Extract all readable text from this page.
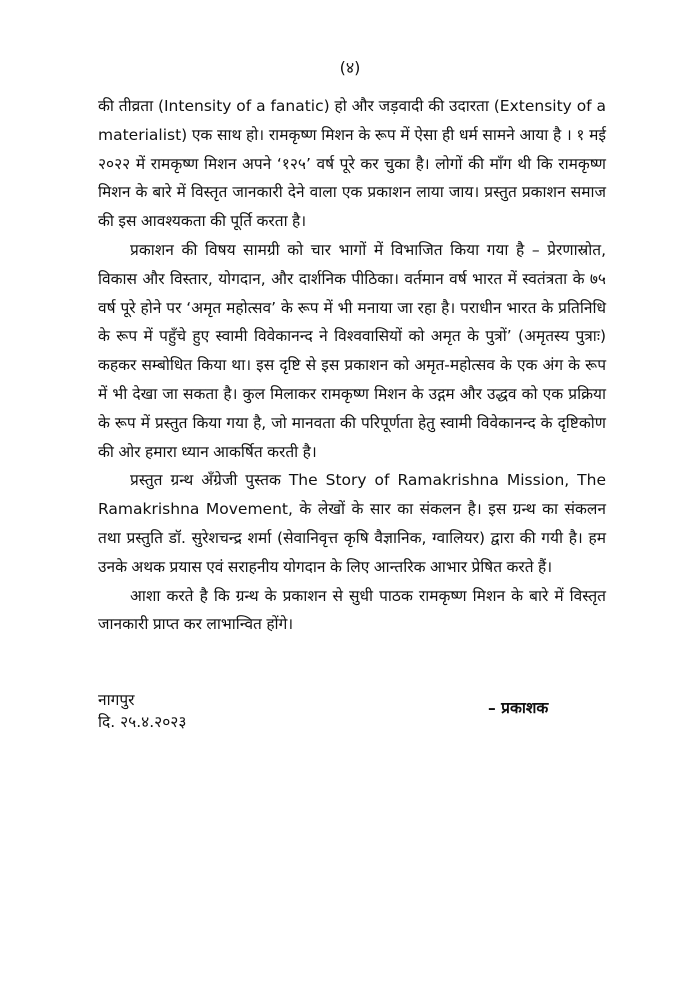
(४)

की तीव्रता (Intensity of a fanatic) हो और जड़वादी की उदारता (Extensity of a materialist) एक साथ हो। रामकृष्ण मिशन के रूप में ऐसा ही धर्म सामने आया है । १ मई २०२२ में रामकृष्ण मिशन अपने ‘१२५’ वर्ष पूरे कर चुका है। लोगों की माँग थी कि रामकृष्ण मिशन के बारे में विस्तृत जानकारी देने वाला एक प्रकाशन लाया जाय। प्रस्तुत प्रकाशन समाज की इस आवश्यकता की पूर्ति करता है।

प्रकाशन की विषय सामग्री को चार भागों में विभाजित किया गया है – प्रेरणास्रोत, विकास और विस्तार, योगदान, और दार्शनिक पीठिका। वर्तमान वर्ष भारत में स्वतंत्रता के ७५ वर्ष पूरे होने पर ‘अमृत महोत्सव’ के रूप में भी मनाया जा रहा है। पराधीन भारत के प्रतिनिधि के रूप में पहुँचे हुए स्वामी विवेकानन्द ने विश्ववासियों को अमृत के पुत्रों’ (अमृतस्य पुत्राः) कहकर सम्बोधित किया था। इस दृष्टि से इस प्रकाशन को अमृत-महोत्सव के एक अंग के रूप में भी देखा जा सकता है। कुल मिलाकर रामकृष्ण मिशन के उद्गम और उद्धव को एक प्रक्रिया के रूप में प्रस्तुत किया गया है, जो मानवता की परिपूर्णता हेतु स्वामी विवेकानन्द के दृष्टिकोण की ओर हमारा ध्यान आकर्षित करती है।

प्रस्तुत ग्रन्थ अँग्रेजी पुस्तक The Story of Ramakrishna Mission, The Ramakrishna Movement, के लेखों के सार का संकलन है। इस ग्रन्थ का संकलन तथा प्रस्तुति डॉ. सुरेशचन्द्र शर्मा (सेवानिवृत्त कृषि वैज्ञानिक, ग्वालियर) द्वारा की गयी है। हम उनके अथक प्रयास एवं सराहनीय योगदान के लिए आन्तरिक आभार प्रेषित करते हैं।

आशा करते है कि ग्रन्थ के प्रकाशन से सुधी पाठक रामकृष्ण मिशन के बारे में विस्तृत जानकारी प्राप्त कर लाभान्वित होंगे।

नागपुर
दि. २५.४.२०२३
– प्रकाशक
